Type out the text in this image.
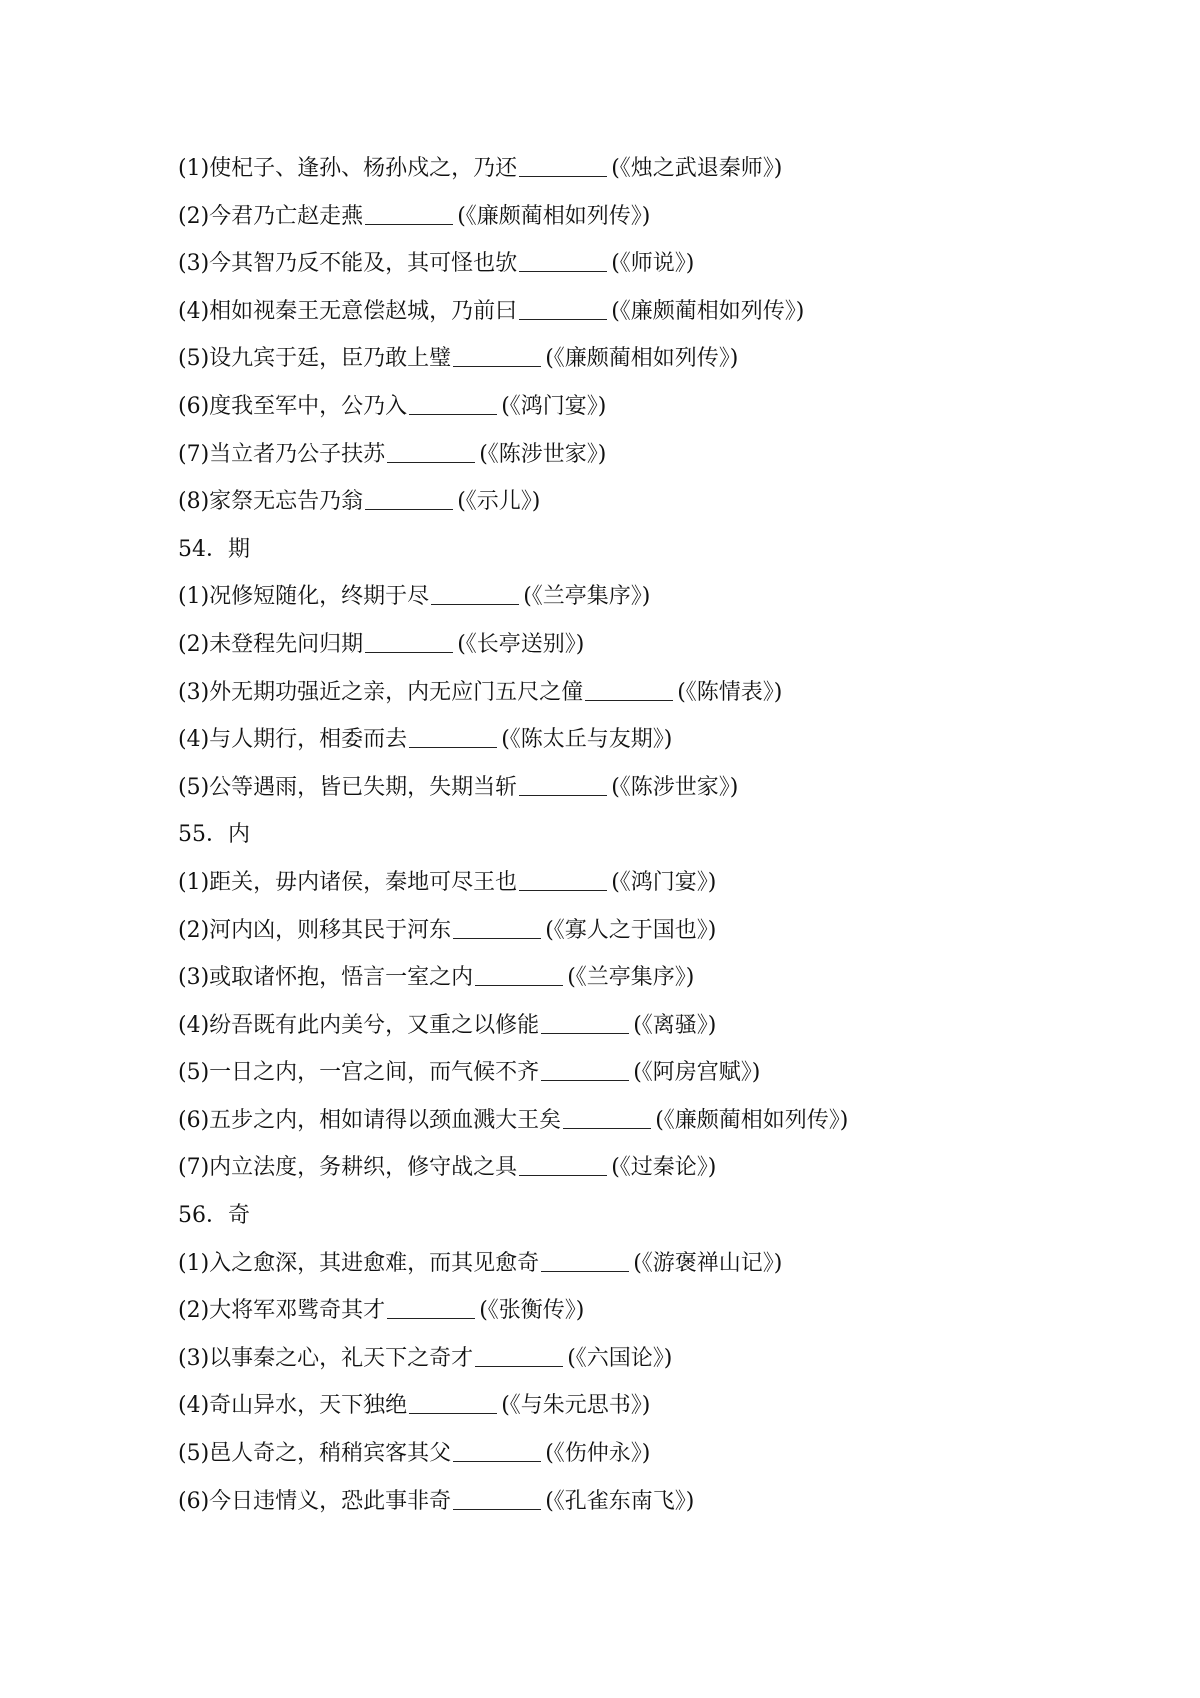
(1)使杞子、逢孙、杨孙戍之，乃还	(《烛之武退秦师》)
(2)今君乃亡赵走燕	(《廉颇蔺相如列传》)
(3)今其智乃反不能及，其可怪也欤	(《师说》)
(4)相如视秦王无意偿赵城，乃前曰	(《廉颇蔺相如列传》)
(5)设九宾于廷，臣乃敢上璧	(《廉颇蔺相如列传》)
(6)度我至军中，公乃入	(《鸿门宴》)
(7)当立者乃公子扶苏	(《陈涉世家》)
(8)家祭无忘告乃翁	(《示儿》)
54．期
(1)况修短随化，终期于尽	(《兰亭集序》)
(2)未登程先问归期	(《长亭送别》)
(3)外无期功强近之亲，内无应门五尺之僮	(《陈情表》)
(4)与人期行，相委而去	(《陈太丘与友期》)
(5)公等遇雨，皆已失期，失期当斩	(《陈涉世家》)
55．内
(1)距关，毋内诸侯，秦地可尽王也	(《鸿门宴》)
(2)河内凶，则移其民于河东	(《寡人之于国也》)
(3)或取诸怀抱，悟言一室之内	(《兰亭集序》)
(4)纷吾既有此内美兮，又重之以修能	(《离骚》)
(5)一日之内，一宫之间，而气候不齐	(《阿房宫赋》)
(6)五步之内，相如请得以颈血溅大王矣	(《廉颇蔺相如列传》)
(7)内立法度，务耕织，修守战之具	(《过秦论》)
56．奇
(1)入之愈深，其进愈难，而其见愈奇	(《游褒禅山记》)
(2)大将军邓骘奇其才	(《张衡传》)
(3)以事秦之心，礼天下之奇才	(《六国论》)
(4)奇山异水，天下独绝	(《与朱元思书》)
(5)邑人奇之，稍稍宾客其父	(《伤仲永》)
(6)今日违情义，恐此事非奇	(《孔雀东南飞》)
